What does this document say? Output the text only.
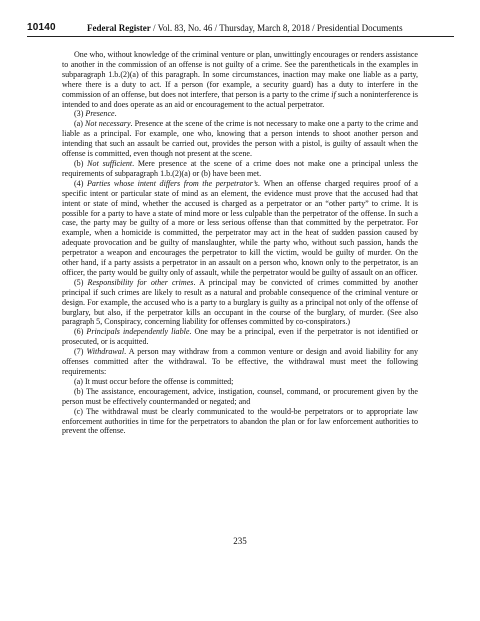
10140	Federal Register / Vol. 83, No. 46 / Thursday, March 8, 2018 / Presidential Documents

One who, without knowledge of the criminal venture or plan, unwittingly encourages or renders assistance to another in the commission of an offense is not guilty of a crime. See the parentheticals in the examples in subparagraph 1.b.(2)(a) of this paragraph. In some circumstances, inaction may make one liable as a party, where there is a duty to act. If a person (for example, a security guard) has a duty to interfere in the commission of an offense, but does not interfere, that person is a party to the crime if such a noninterference is intended to and does operate as an aid or encouragement to the actual perpetrator.

(3) Presence.

(a) Not necessary. Presence at the scene of the crime is not necessary to make one a party to the crime and liable as a principal. For example, one who, knowing that a person intends to shoot another person and intending that such an assault be carried out, provides the person with a pistol, is guilty of assault when the offense is committed, even though not present at the scene.

(b) Not sufficient. Mere presence at the scene of a crime does not make one a principal unless the requirements of subparagraph 1.b.(2)(a) or (b) have been met.

(4) Parties whose intent differs from the perpetrator’s. When an offense charged requires proof of a specific intent or particular state of mind as an element, the evidence must prove that the accused had that intent or state of mind, whether the accused is charged as a perpetrator or an “other party” to crime. It is possible for a party to have a state of mind more or less culpable than the perpetrator of the offense. In such a case, the party may be guilty of a more or less serious offense than that committed by the perpetrator. For example, when a homicide is committed, the perpetrator may act in the heat of sudden passion caused by adequate provocation and be guilty of manslaughter, while the party who, without such passion, hands the perpetrator a weapon and encourages the perpetrator to kill the victim, would be guilty of murder. On the other hand, if a party assists a perpetrator in an assault on a person who, known only to the perpetrator, is an officer, the party would be guilty only of assault, while the perpetrator would be guilty of assault on an officer.

(5) Responsibility for other crimes. A principal may be convicted of crimes committed by another principal if such crimes are likely to result as a natural and probable consequence of the criminal venture or design. For example, the accused who is a party to a burglary is guilty as a principal not only of the offense of burglary, but also, if the perpetrator kills an occupant in the course of the burglary, of murder. (See also paragraph 5, Conspiracy, concerning liability for offenses committed by co-conspirators.)

(6) Principals independently liable. One may be a principal, even if the perpetrator is not identified or prosecuted, or is acquitted.

(7) Withdrawal. A person may withdraw from a common venture or design and avoid liability for any offenses committed after the withdrawal. To be effective, the withdrawal must meet the following requirements:

(a) It must occur before the offense is committed;

(b) The assistance, encouragement, advice, instigation, counsel, command, or procurement given by the person must be effectively countermanded or negated; and

(c) The withdrawal must be clearly communicated to the would-be perpetrators or to appropriate law enforcement authorities in time for the perpetrators to abandon the plan or for law enforcement authorities to prevent the offense.

235
